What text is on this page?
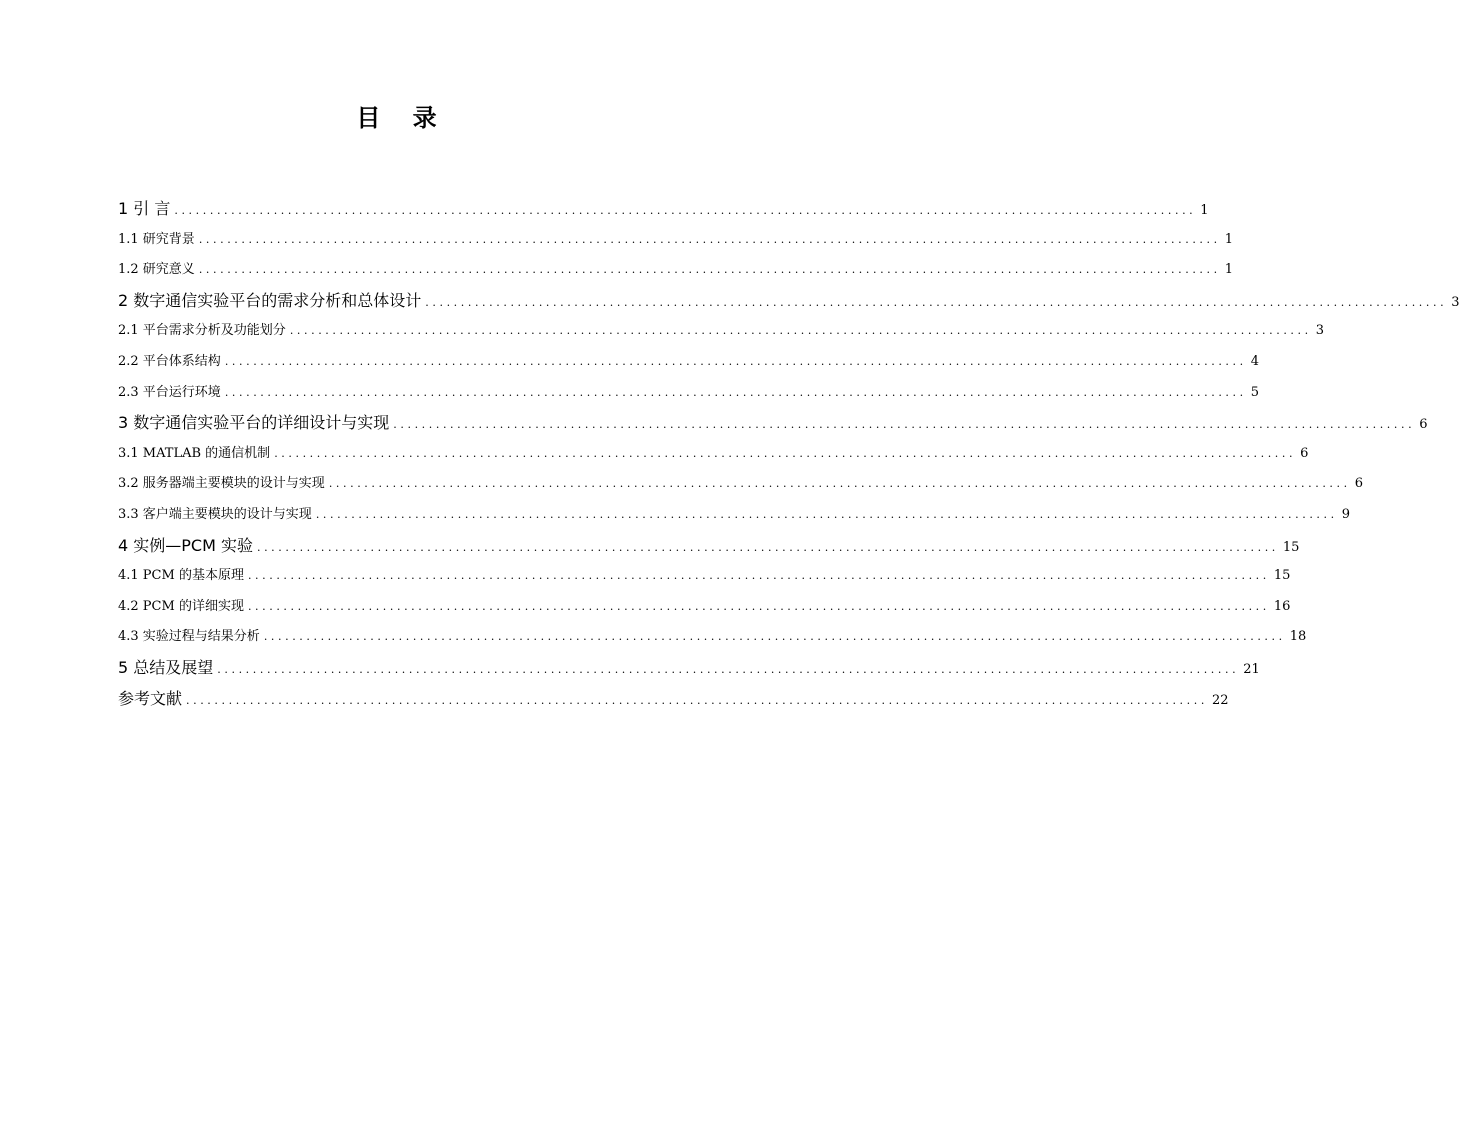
目 录
1 引 言 ................................................................................................................................................ 1
1.1 研究背景 ................................................................................................................................................ 1
1.2 研究意义 ................................................................................................................................................ 1
2 数字通信实验平台的需求分析和总体设计 ................................................................................................................................................ 3
2.1 平台需求分析及功能划分 ................................................................................................................................................ 3
2.2 平台体系结构 ................................................................................................................................................ 4
2.3 平台运行环境 ................................................................................................................................................ 5
3 数字通信实验平台的详细设计与实现 ................................................................................................................................................ 6
3.1 MATLAB 的通信机制 ................................................................................................................................................ 6
3.2 服务器端主要模块的设计与实现 ................................................................................................................................................ 6
3.3 客户端主要模块的设计与实现 ................................................................................................................................................ 9
4 实例—PCM 实验 ................................................................................................................................................ 15
4.1 PCM 的基本原理 ................................................................................................................................................ 15
4.2 PCM 的详细实现 ................................................................................................................................................ 16
4.3 实验过程与结果分析 ................................................................................................................................................ 18
5 总结及展望 ................................................................................................................................................ 21
参考文献 ................................................................................................................................................ 22
